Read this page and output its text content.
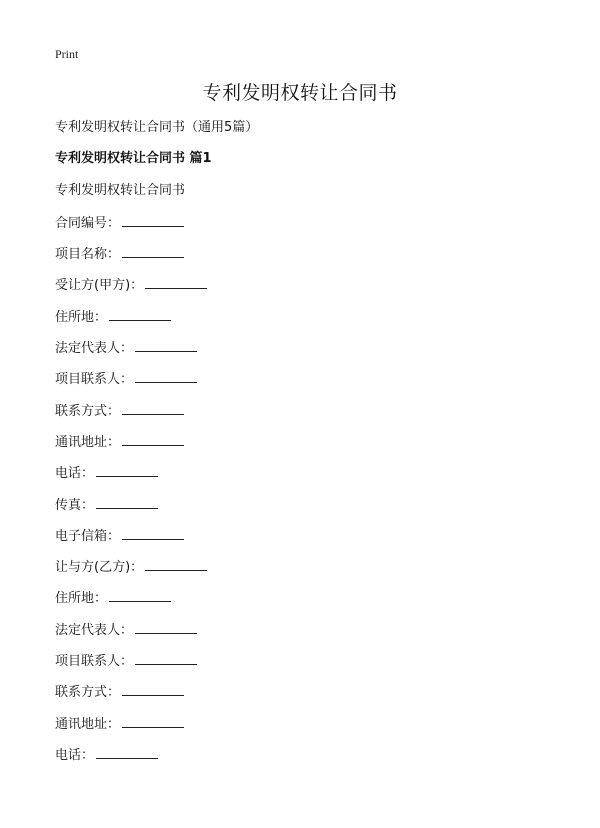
Print
专利发明权转让合同书
专利发明权转让合同书（通用5篇）
专利发明权转让合同书 篇1
专利发明权转让合同书
合同编号：
项目名称：
受让方(甲方)：
住所地：
法定代表人：
项目联系人：
联系方式：
通讯地址：
电话：
传真：
电子信箱：
让与方(乙方)：
住所地：
法定代表人：
项目联系人：
联系方式：
通讯地址：
电话：
